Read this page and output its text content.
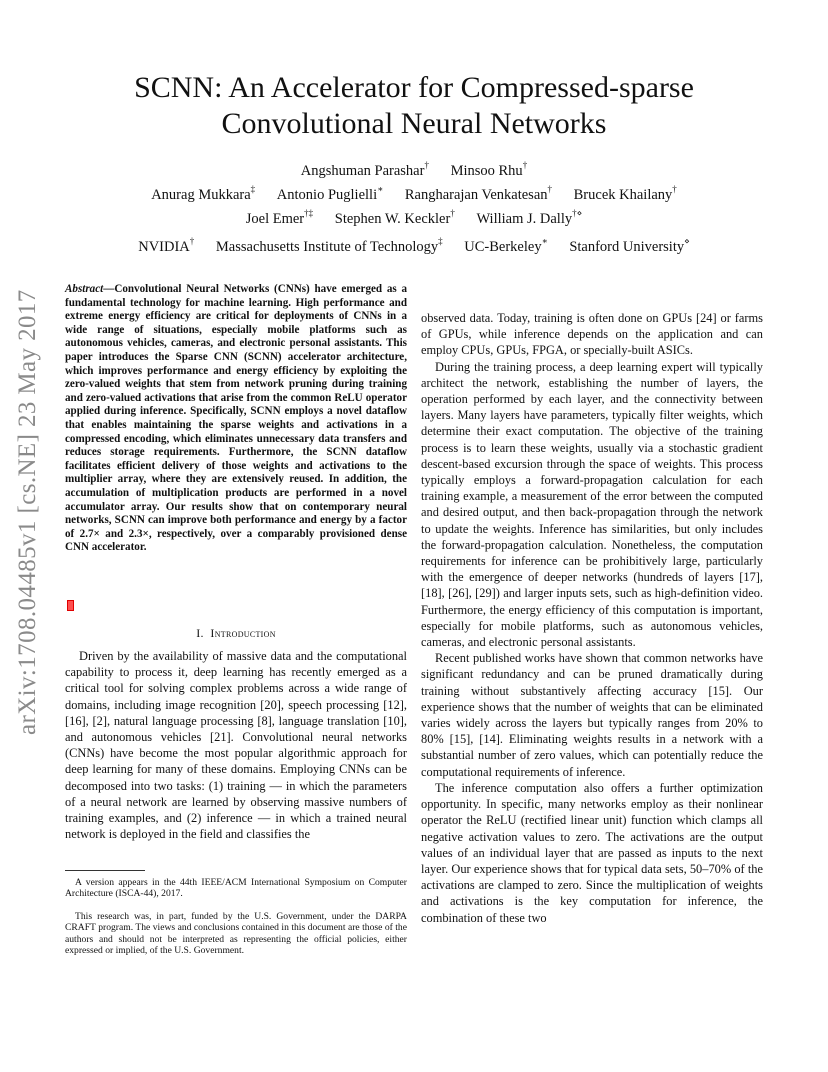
arXiv:1708.04485v1 [cs.NE] 23 May 2017
SCNN: An Accelerator for Compressed-sparse Convolutional Neural Networks
Angshuman Parashar† Minsoo Rhu†
Anurag Mukkara‡ Antonio Puglielli∗ Rangharajan Venkatesan† Brucek Khailany†
Joel Emer†‡ Stephen W. Keckler† William J. Dally†⋄
NVIDIA† Massachusetts Institute of Technology‡ UC-Berkeley∗ Stanford University⋄

Abstract—Convolutional Neural Networks (CNNs) have emerged as a fundamental technology for machine learning. High performance and extreme energy efficiency are critical for deployments of CNNs in a wide range of situations, especially mobile platforms such as autonomous vehicles, cameras, and electronic personal assistants. This paper introduces the Sparse CNN (SCNN) accelerator architecture, which improves performance and energy efficiency by exploiting the zero-valued weights that stem from network pruning during training and zero-valued activations that arise from the common ReLU operator applied during inference. Specifically, SCNN employs a novel dataflow that enables maintaining the sparse weights and activations in a compressed encoding, which eliminates unnecessary data transfers and reduces storage requirements. Furthermore, the SCNN dataflow facilitates efficient delivery of those weights and activations to the multiplier array, where they are extensively reused. In addition, the accumulation of multiplication products are performed in a novel accumulator array. Our results show that on contemporary neural networks, SCNN can improve both performance and energy by a factor of 2.7× and 2.3×, respectively, over a comparably provisioned dense CNN accelerator.

I. Introduction

Driven by the availability of massive data and the computational capability to process it, deep learning has recently emerged as a critical tool for solving complex problems across a wide range of domains, including image recognition [20], speech processing [12], [16], [2], natural language processing [8], language translation [10], and autonomous vehicles [21]. Convolutional neural networks (CNNs) have become the most popular algorithmic approach for deep learning for many of these domains. Employing CNNs can be decomposed into two tasks: (1) training — in which the parameters of a neural network are learned by observing massive numbers of training examples, and (2) inference — in which a trained neural network is deployed in the field and classifies the

A version appears in the 44th IEEE/ACM International Symposium on Computer Architecture (ISCA-44), 2017.
This research was, in part, funded by the U.S. Government, under the DARPA CRAFT program. The views and conclusions contained in this document are those of the authors and should not be interpreted as representing the official policies, either expressed or implied, of the U.S. Government.

observed data. Today, training is often done on GPUs [24] or farms of GPUs, while inference depends on the application and can employ CPUs, GPUs, FPGA, or specially-built ASICs.

During the training process, a deep learning expert will typically architect the network, establishing the number of layers, the operation performed by each layer, and the connectivity between layers. Many layers have parameters, typically filter weights, which determine their exact computation. The objective of the training process is to learn these weights, usually via a stochastic gradient descent-based excursion through the space of weights. This process typically employs a forward-propagation calculation for each training example, a measurement of the error between the computed and desired output, and then back-propagation through the network to update the weights. Inference has similarities, but only includes the forward-propagation calculation. Nonetheless, the computation requirements for inference can be prohibitively large, particularly with the emergence of deeper networks (hundreds of layers [17], [18], [26], [29]) and larger inputs sets, such as high-definition video. Furthermore, the energy efficiency of this computation is important, especially for mobile platforms, such as autonomous vehicles, cameras, and electronic personal assistants.

Recent published works have shown that common networks have significant redundancy and can be pruned dramatically during training without substantively affecting accuracy [15]. Our experience shows that the number of weights that can be eliminated varies widely across the layers but typically ranges from 20% to 80% [15], [14]. Eliminating weights results in a network with a substantial number of zero values, which can potentially reduce the computational requirements of inference.

The inference computation also offers a further optimization opportunity. In specific, many networks employ as their nonlinear operator the ReLU (rectified linear unit) function which clamps all negative activation values to zero. The activations are the output values of an individual layer that are passed as inputs to the next layer. Our experience shows that for typical data sets, 50–70% of the activations are clamped to zero. Since the multiplication of weights and activations is the key computation for inference, the combination of these two
